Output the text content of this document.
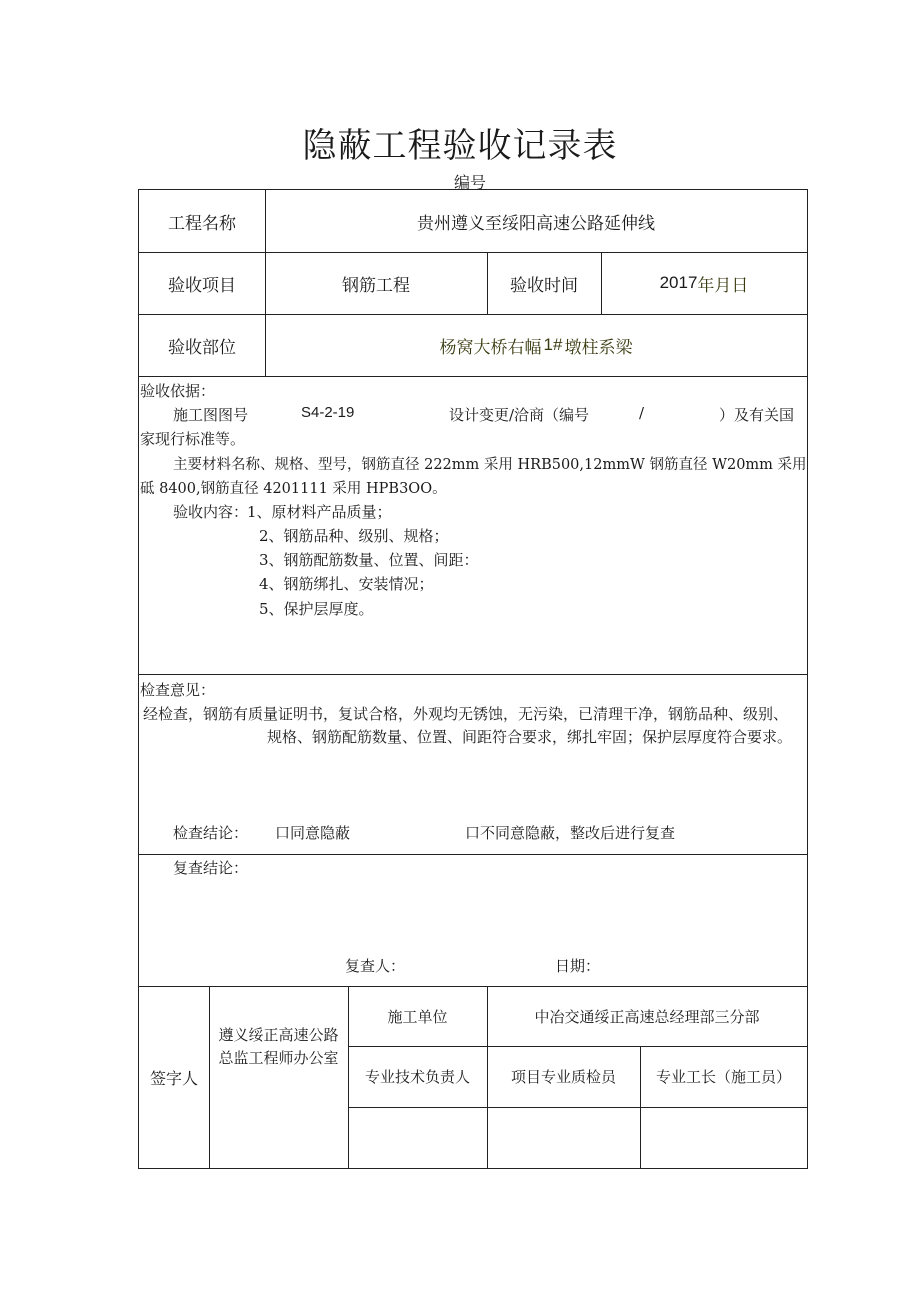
隐蔽工程验收记录表
编号
工程名称	贵州遵义至绥阳高速公路延伸线
验收项目	钢筋工程	验收时间	2017 年月日
验收部位	杨窝大桥右幅 1# 墩柱系梁
验收依据：
施工图图号	S4-2-19	设计变更/洽商（编号	/	）及有关国
家现行标准等。
主要材料名称、规格、型号，钢筋直径 222mm 采用 HRB500,12mmW 钢筋直径 W20mm 采用
砥 8400,钢筋直径 4201111 采用 HPB3OO。
验收内容：
1、原材料产品质量；
2、钢筋品种、级别、规格；
3、钢筋配筋数量、位置、间距：
4、钢筋绑扎、安装情况；
5、保护层厚度。
检查意见：
经检查，钢筋有质量证明书，复试合格，外观均无锈蚀，无污染，已清理干净，钢筋品种、级别、
规格、钢筋配筋数量、位置、间距符合要求，绑扎牢固；保护层厚度符合要求。
检查结论： 口同意隐蔽	口不同意隐蔽，整改后进行复查
复查结论：
复查人：	日期：
签字人
遵义绥正高速公路
总监工程师办公室
施工单位	中冶交通绥正高速总经理部三分部
专业技术负责人	项目专业质检员	专业工长（施工员）
